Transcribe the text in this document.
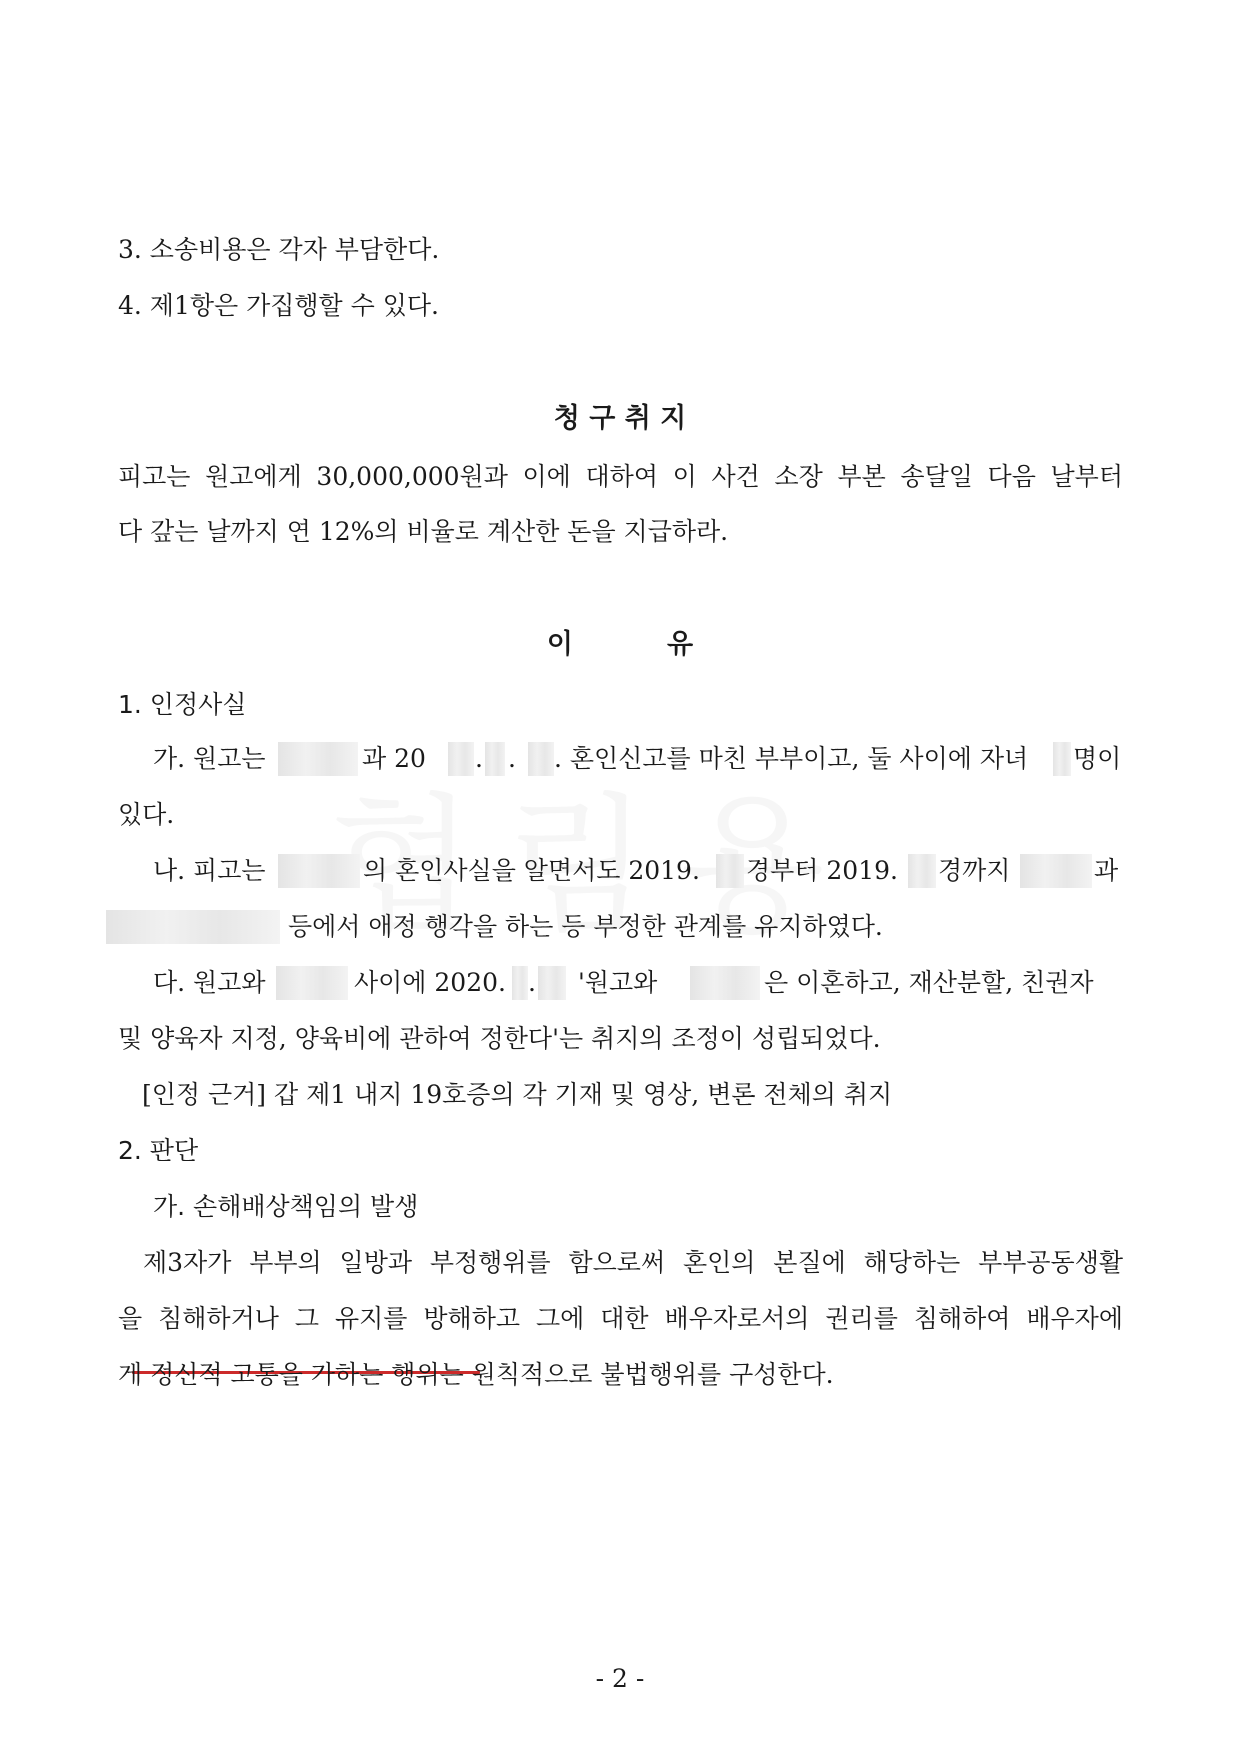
3. 소송비용은 각자 부담한다.
4. 제1항은 가집행할 수 있다.
청 구 취 지
피고는 원고에게 30,000,000원과 이에 대하여 이 사건 소장 부본 송달일 다음 날부터
다 갚는 날까지 연 12%의 비율로 계산한 돈을 지급하라.
이          유
1. 인정사실
가. 원고는	과 20 . . . 혼인신고를 마친 부부이고, 둘 사이에 자녀 명이
있다.
나. 피고는	의 혼인사실을 알면서도 2019. 경부터 2019. 경까지	과
등에서 애정 행각을 하는 등 부정한 관계를 유지하였다.
다. 원고와	사이에 2020. . '원고와	은 이혼하고, 재산분할, 친권자
및 양육자 지정, 양육비에 관하여 정한다'는 취지의 조정이 성립되었다.
[인정 근거] 갑 제1 내지 19호증의 각 기재 및 영상, 변론 전체의 취지
2. 판단
가. 손해배상책임의 발생
제3자가 부부의 일방과 부정행위를 함으로써 혼인의 본질에 해당하는 부부공동생활
을 침해하거나 그 유지를 방해하고 그에 대한 배우자로서의 권리를 침해하여 배우자에
게 정신적 고통을 가하는 행위는 원칙적으로 불법행위를 구성한다.
- 2 -
